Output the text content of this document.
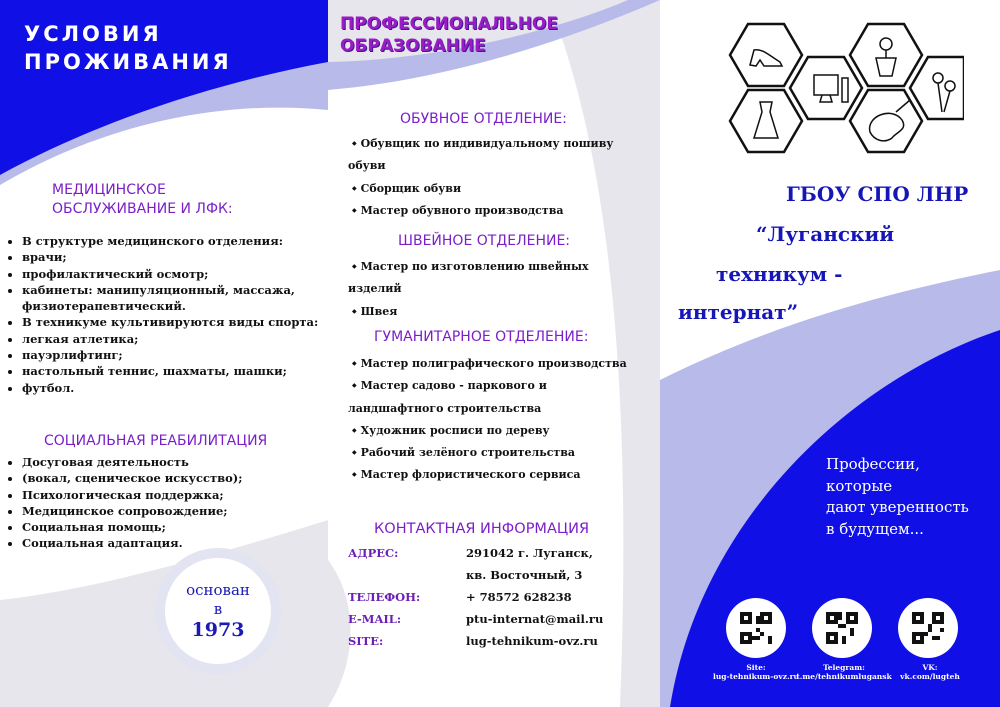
УСЛОВИЯ
ПРОЖИВАНИЯ
МЕДИЦИНСКОЕ
ОБСЛУЖИВАНИЕ И ЛФК:
• В структуре медицинского отделения:
• врачи;
• профилактический осмотр;
• кабинеты: манипуляционный, массажа, физиотерапевтический.
• В техникуме культивируются виды спорта:
• легкая атлетика;
• пауэрлифтинг;
• настольный теннис, шахматы, шашки;
• футбол.
СОЦИАЛЬНАЯ РЕАБИЛИТАЦИЯ
• Досуговая деятельность
• (вокал, сценическое искусство);
• Психологическая поддержка;
• Медицинское сопровождение;
• Социальная помощь;
• Социальная адаптация.
основан
в
1973
ПРОФЕССИОНАЛЬНОЕ
ОБРАЗОВАНИЕ
ОБУВНОЕ ОТДЕЛЕНИЕ:
◆ Обувщик по индивидуальному пошиву
обуви
◆ Сборщик обуви
◆ Мастер обувного производства
ШВЕЙНОЕ ОТДЕЛЕНИЕ:
◆ Мастер по изготовлению швейных
изделий
◆ Швея
ГУМАНИТАРНОЕ ОТДЕЛЕНИЕ:
◆ Мастер полиграфического производства
◆ Мастер садово - паркового и
ландшафтного строительства
◆ Художник росписи по дереву
◆ Рабочий зелёного строительства
◆ Мастер флористического сервиса
КОНТАКТНАЯ ИНФОРМАЦИЯ
АДРЕС:	291042 г. Луганск,
кв. Восточный, 3
ТЕЛЕФОН:	+ 78572 628238
E-MAIL:	ptu-internat@mail.ru
SITE:	lug-tehnikum-ovz.ru
ГБОУ СПО ЛНР
“Луганский
техникум -
интернат”
Профессии,
которые
дают уверенность
в будущем...
Site:
lug-tehnikum-ovz.ru
Telegram:
t.me/tehnikumlugansk
VK:
vk.com/lugteh
